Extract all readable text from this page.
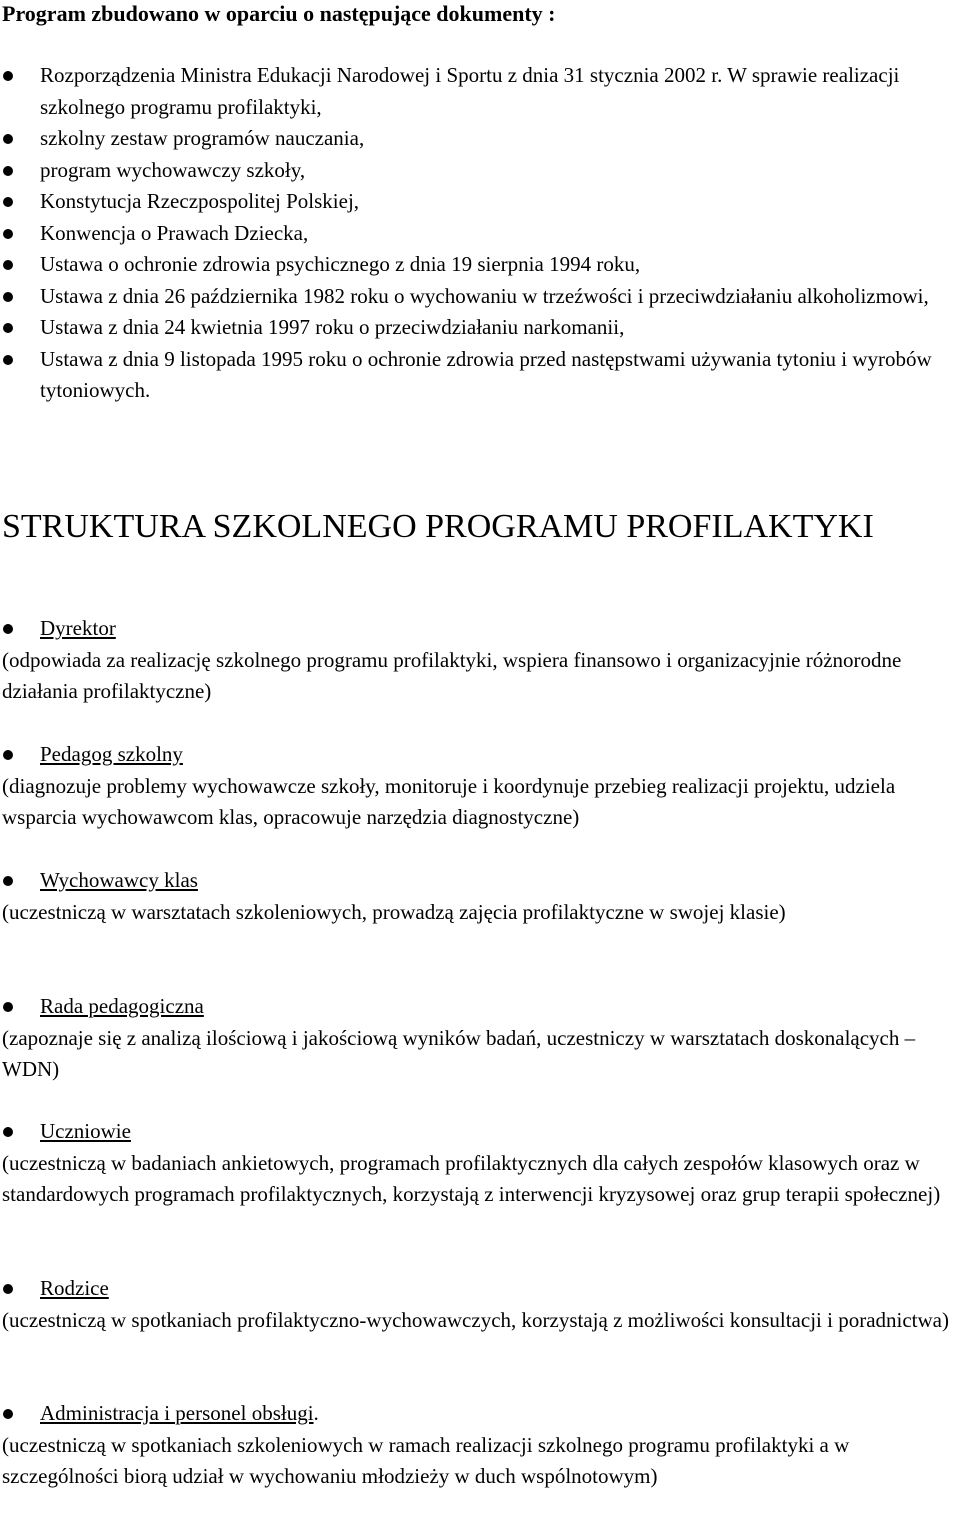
Program zbudowano w oparciu o następujące dokumenty :
Rozporządzenia Ministra Edukacji Narodowej i Sportu z dnia 31 stycznia 2002 r. W sprawie realizacji szkolnego programu profilaktyki,
szkolny zestaw programów nauczania,
program wychowawczy szkoły,
Konstytucja Rzeczpospolitej Polskiej,
Konwencja o Prawach Dziecka,
Ustawa o ochronie zdrowia psychicznego z dnia 19 sierpnia 1994 roku,
Ustawa z dnia 26 października 1982 roku o wychowaniu w trzeźwości i przeciwdziałaniu alkoholizmowi,
Ustawa z dnia 24 kwietnia 1997 roku o przeciwdziałaniu narkomanii,
Ustawa z dnia 9 listopada 1995 roku o ochronie zdrowia przed następstwami używania tytoniu i wyrobów tytoniowych.
STRUKTURA SZKOLNEGO PROGRAMU PROFILAKTYKI
Dyrektor
(odpowiada za realizację szkolnego programu profilaktyki, wspiera finansowo i organizacyjnie różnorodne działania profilaktyczne)
Pedagog szkolny
(diagnozuje problemy wychowawcze szkoły, monitoruje i koordynuje przebieg realizacji projektu, udziela wsparcia wychowawcom klas, opracowuje narzędzia diagnostyczne)
Wychowawcy klas
(uczestniczą w warsztatach szkoleniowych, prowadzą zajęcia profilaktyczne w swojej klasie)
Rada pedagogiczna
(zapoznaje się z analizą ilościową i jakościową wyników badań, uczestniczy w warsztatach doskonalących – WDN)
Uczniowie
(uczestniczą w badaniach ankietowych, programach profilaktycznych dla całych zespołów klasowych oraz w standardowych programach profilaktycznych, korzystają z interwencji kryzysowej oraz grup terapii społecznej)
Rodzice
(uczestniczą w spotkaniach profilaktyczno-wychowawczych, korzystają z możliwości konsultacji i poradnictwa)
Administracja i personel obsługi.
(uczestniczą w spotkaniach szkoleniowych w ramach realizacji szkolnego programu profilaktyki a w szczególności biorą udział w wychowaniu młodzieży w duch wspólnotowym)
